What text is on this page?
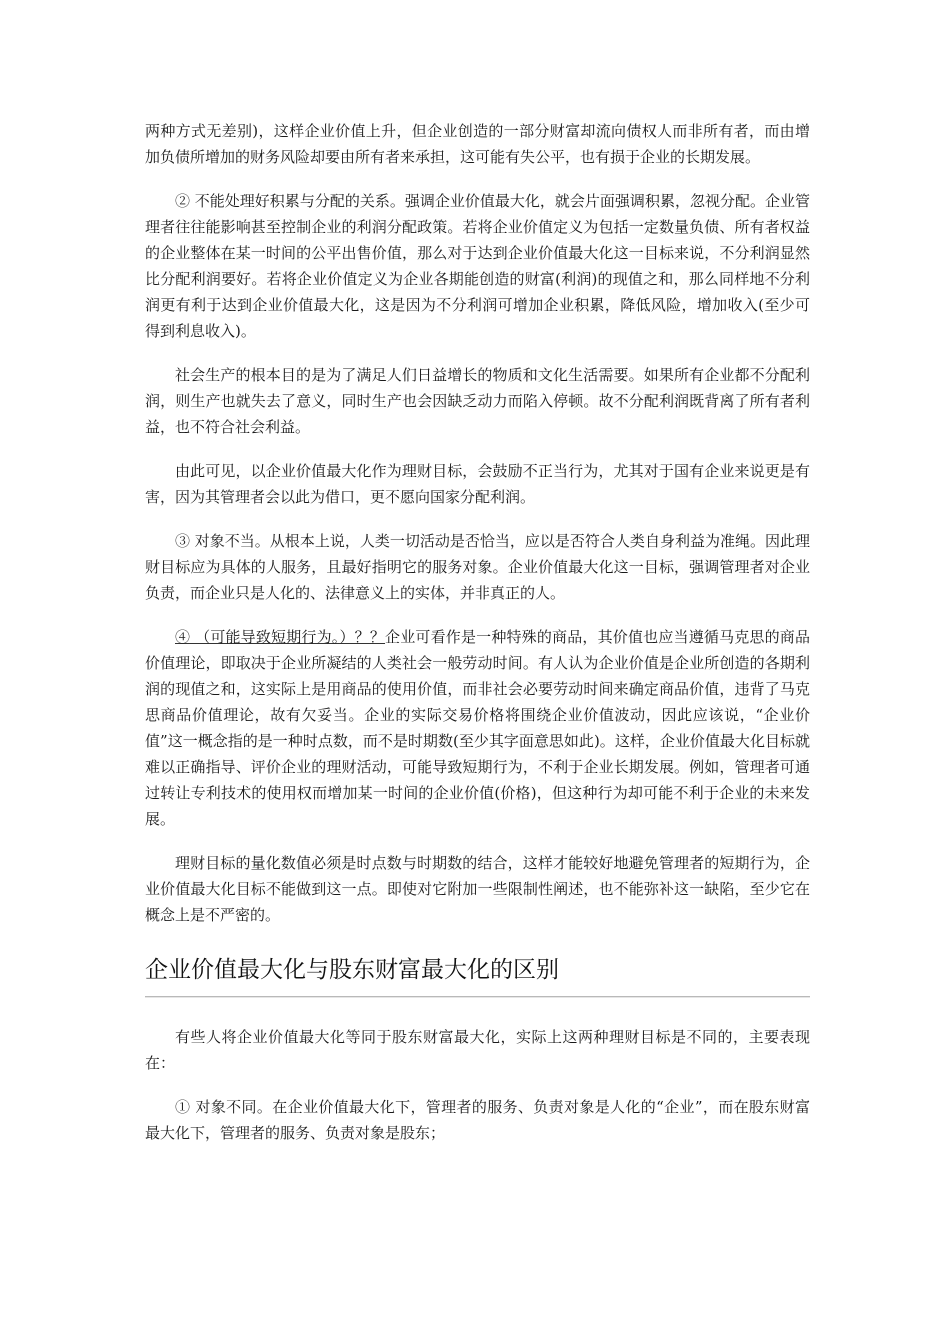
两种方式无差别)，这样企业价值上升，但企业创造的一部分财富却流向债权人而非所有者，而由增加负债所增加的财务风险却要由所有者来承担，这可能有失公平，也有损于企业的长期发展。

② 不能处理好积累与分配的关系。强调企业价值最大化，就会片面强调积累，忽视分配。企业管理者往往能影响甚至控制企业的利润分配政策。若将企业价值定义为包括一定数量负债、所有者权益的企业整体在某一时间的公平出售价值，那么对于达到企业价值最大化这一目标来说，不分利润显然比分配利润要好。若将企业价值定义为企业各期能创造的财富(利润)的现值之和，那么同样地不分利润更有利于达到企业价值最大化，这是因为不分利润可增加企业积累，降低风险，增加收入(至少可得到利息收入)。

社会生产的根本目的是为了满足人们日益增长的物质和文化生活需要。如果所有企业都不分配利润，则生产也就失去了意义，同时生产也会因缺乏动力而陷入停顿。故不分配利润既背离了所有者利益，也不符合社会利益。

由此可见，以企业价值最大化作为理财目标，会鼓励不正当行为，尤其对于国有企业来说更是有害，因为其管理者会以此为借口，更不愿向国家分配利润。

③ 对象不当。从根本上说，人类一切活动是否恰当，应以是否符合人类自身利益为准绳。因此理财目标应为具体的人服务，且最好指明它的服务对象。企业价值最大化这一目标，强调管理者对企业负责，而企业只是人化的、法律意义上的实体，并非真正的人。

④ （可能导致短期行为。）？？企业可看作是一种特殊的商品，其价值也应当遵循马克思的商品价值理论，即取决于企业所凝结的人类社会一般劳动时间。有人认为企业价值是企业所创造的各期利润的现值之和，这实际上是用商品的使用价值，而非社会必要劳动时间来确定商品价值，违背了马克思商品价值理论，故有欠妥当。企业的实际交易价格将围绕企业价值波动，因此应该说，“企业价值”这一概念指的是一种时点数，而不是时期数(至少其字面意思如此)。这样，企业价值最大化目标就难以正确指导、评价企业的理财活动，可能导致短期行为，不利于企业长期发展。例如，管理者可通过转让专利技术的使用权而增加某一时间的企业价值(价格)，但这种行为却可能不利于企业的未来发展。

理财目标的量化数值必须是时点数与时期数的结合，这样才能较好地避免管理者的短期行为，企业价值最大化目标不能做到这一点。即使对它附加一些限制性阐述，也不能弥补这一缺陷，至少它在概念上是不严密的。

企业价值最大化与股东财富最大化的区别

有些人将企业价值最大化等同于股东财富最大化，实际上这两种理财目标是不同的，主要表现在：

① 对象不同。在企业价值最大化下，管理者的服务、负责对象是人化的“企业”，而在股东财富最大化下，管理者的服务、负责对象是股东；
